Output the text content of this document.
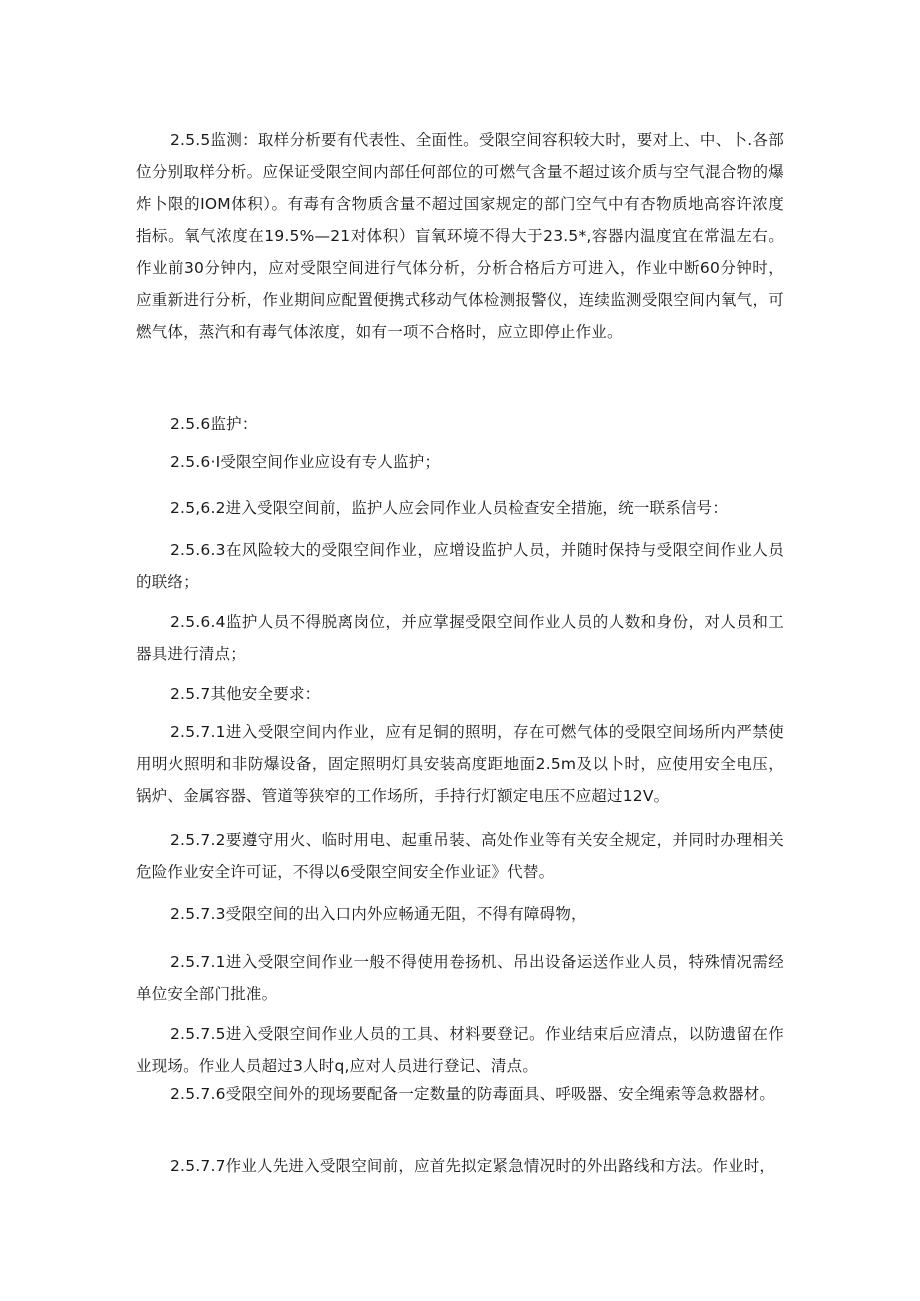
2.5.5监测：取样分析要有代表性、全面性。受限空间容积较大时，要对上、中、卜.各部位分别取样分析。应保证受限空间内部任何部位的可燃气含量不超过该介质与空气混合物的爆炸卜限的IOM体积）。有毒有含物质含量不超过国家规定的部门空气中有杏物质地高容许浓度指标。氧气浓度在19.5%—21对体积）盲氧环境不得大于23.5*,容器内温度宜在常温左右。作业前30分钟内，应对受限空间进行气体分析，分析合格后方可进入，作业中断60分钟时，应重新进行分析，作业期间应配置便携式移动气体检测报警仪，连续监测受限空间内氧气，可燃气体，蒸汽和有毒气体浓度，如有一项不合格时，应立即停止作业。

2.5.6监护：

2.5.6·I受限空间作业应设有专人监护；

2.5,6.2进入受限空间前，监护人应会同作业人员检查安全措施，统一联系信号：

2.5.6.3在风险较大的受限空间作业，应增设监护人员，并随时保持与受限空间作业人员的联络；

2.5.6.4监护人员不得脱离岗位，并应掌握受限空间作业人员的人数和身份，对人员和工器具进行清点；

2.5.7其他安全要求：

2.5.7.1进入受限空间内作业，应有足铜的照明，存在可燃气体的受限空间场所内严禁使用明火照明和非防爆设备，固定照明灯具安装高度距地面2.5m及以卜时，应使用安全电压，锅炉、金属容器、管道等狭窄的工作场所，手持行灯额定电压不应超过12V。

2.5.7.2要遵守用火、临时用电、起重吊装、高处作业等有关安全规定，并同时办理相关危险作业安全许可证，不得以6受限空间安全作业证》代替。

2.5.7.3受限空间的出入口内外应畅通无阻，不得有障碍物，

2.5.7.1进入受限空间作业一般不得使用卷扬机、吊出设备运送作业人员，特殊情况需经单位安全部门批准。

2.5.7.5进入受限空间作业人员的工具、材料要登记。作业结束后应清点，以防遗留在作业现场。作业人员超过3人时q,应对人员进行登记、清点。

2.5.7.6受限空间外的现场要配备一定数量的防毒面具、呼吸器、安全绳索等急救器材。

2.5.7.7作业人先进入受限空间前，应首先拟定紧急情况时的外出路线和方法。作业时，
